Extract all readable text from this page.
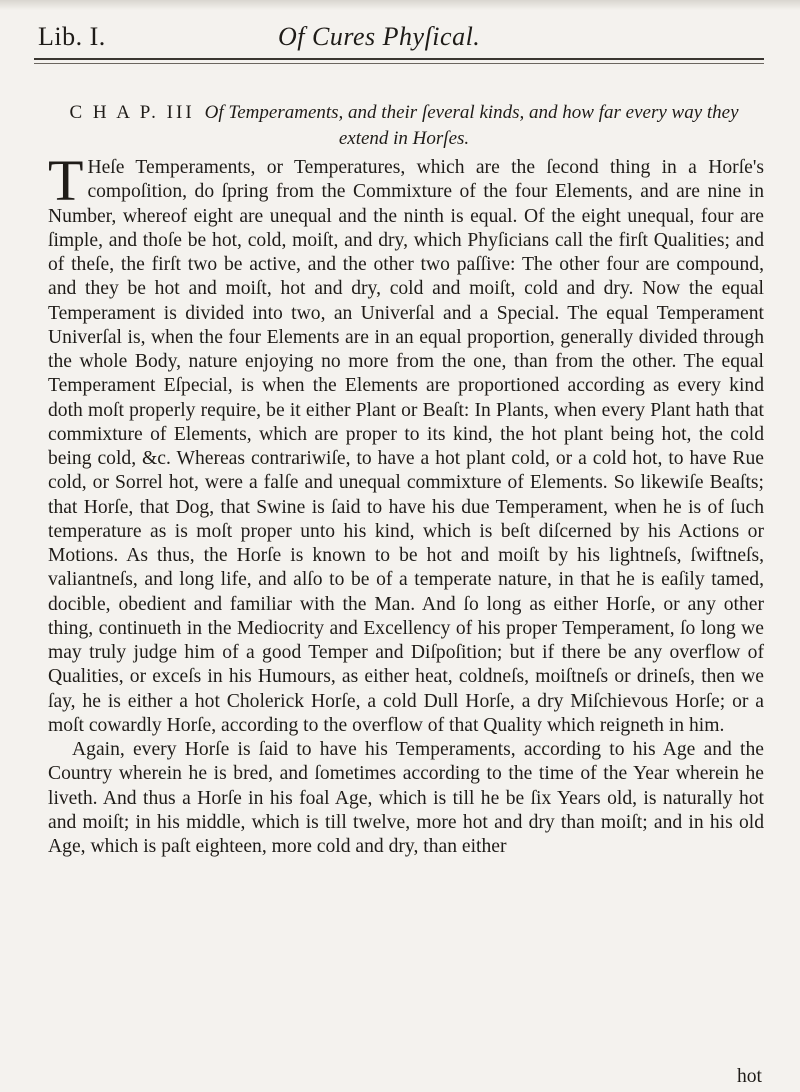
Lib. I.	Of Cures Phyſical.
C H A P. III Of Temperaments, and their ſeveral kinds, and how far every way they extend in Horſes.

T Heſe Temperaments, or Temperatures, which are the ſecond thing in a Horſe's compoſition, do ſpring from the Commixture of the four Elements, and are nine in Number, whereof eight are unequal and the ninth is equal. Of the eight unequal, four are ſimple, and thoſe be hot, cold, moiſt, and dry, which Phyſicians call the firſt Qualities; and of theſe, the firſt two be active, and the other two paſſive: The other four are compound, and they be hot and moiſt, hot and dry, cold and moiſt, cold and dry. Now the equal Temperament is divided into two, an Univerſal and a Special. The equal Temperament Univerſal is, when the four Elements are in an equal proportion, generally divided through the whole Body, nature enjoying no more from the one, than from the other. The equal Temperament Eſpecial, is when the Elements are proportioned according as every kind doth moſt properly require, be it either Plant or Beaſt: In Plants, when every Plant hath that commixture of Elements, which are proper to its kind, the hot plant being hot, the cold being cold, &c. Whereas contrariwiſe, to have a hot plant cold, or a cold hot, to have Rue cold, or Sorrel hot, were a falſe and unequal commixture of Elements. So likewiſe Beaſts; that Horſe, that Dog, that Swine is ſaid to have his due Temperament, when he is of ſuch temperature as is moſt proper unto his kind, which is beſt diſcerned by his Actions or Motions. As thus, the Horſe is known to be hot and moiſt by his lightneſs, ſwiftneſs, valiantneſs, and long life, and alſo to be of a temperate nature, in that he is eaſily tamed, docible, obedient and familiar with the Man. And ſo long as either Horſe, or any other thing, continueth in the Mediocrity and Excellency of his proper Temperament, ſo long we may truly judge him of a good Temper and Diſpoſition; but if there be any overflow of Qualities, or exceſs in his Humours, as either heat, coldneſs, moiſtneſs or drineſs, then we ſay, he is either a hot Cholerick Horſe, a cold Dull Horſe, a dry Miſchievous Horſe; or a moſt cowardly Horſe, according to the overflow of that Quality which reigneth in him.

Again, every Horſe is ſaid to have his Temperaments, according to his Age and the Country wherein he is bred, and ſometimes according to the time of the Year wherein he liveth. And thus a Horſe in his foal Age, which is till he be ſix Years old, is naturally hot and moiſt; in his middle, which is till twelve, more hot and dry than moiſt; and in his old Age, which is paſt eighteen, more cold and dry, than either

hot
